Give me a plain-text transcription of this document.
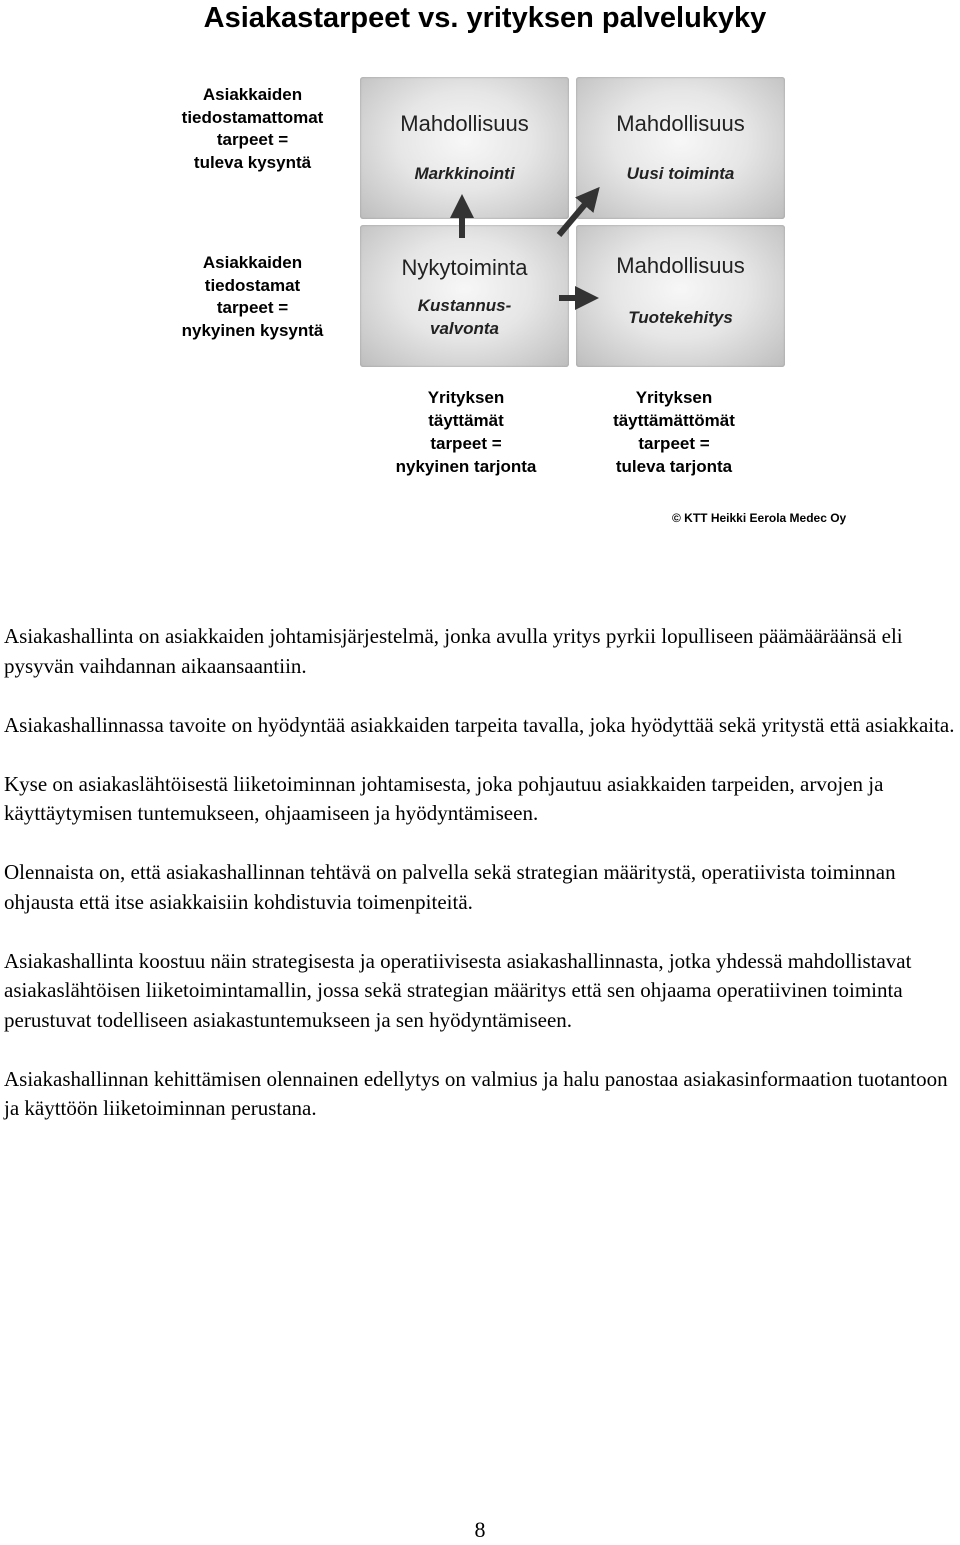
Asiakastarpeet vs. yrityksen palvelukyky
Asiakkaiden
tiedostamattomat
tarpeet =
tuleva kysyntä
Asiakkaiden
tiedostamat
tarpeet =
nykyinen kysyntä
Mahdollisuus
Markkinointi
Mahdollisuus
Uusi toiminta
Nykytoiminta
Kustannus-
valvonta
Mahdollisuus
Tuotekehitys
Yrityksen
täyttämät
tarpeet =
nykyinen tarjonta
Yrityksen
täyttämättömät
tarpeet =
tuleva tarjonta
© KTT Heikki Eerola Medec Oy

Asiakashallinta on asiakkaiden johtamisjärjestelmä, jonka avulla yritys pyrkii lopulliseen päämääräänsä eli pysyvän vaihdannan aikaansaantiin.

Asiakashallinnassa tavoite on hyödyntää asiakkaiden tarpeita tavalla, joka hyödyttää sekä yritystä että asiakkaita.

Kyse on asiakaslähtöisestä liiketoiminnan johtamisesta, joka pohjautuu asiakkaiden tarpeiden, arvojen ja käyttäytymisen tuntemukseen, ohjaamiseen ja hyödyntämiseen.

Olennaista on, että asiakashallinnan tehtävä on palvella sekä strategian määritystä, operatiivista toiminnan ohjausta että itse asiakkaisiin kohdistuvia toimenpiteitä.

Asiakashallinta koostuu näin strategisesta ja operatiivisesta asiakashallinnasta, jotka yhdessä mahdollistavat asiakaslähtöisen liiketoimintamallin, jossa sekä strategian määritys että sen ohjaama operatiivinen toiminta perustuvat todelliseen asiakastuntemukseen ja sen hyödyntämiseen.

Asiakashallinnan kehittämisen olennainen edellytys on valmius ja halu panostaa asiakasinformaation tuotantoon ja käyttöön liiketoiminnan perustana.

8
